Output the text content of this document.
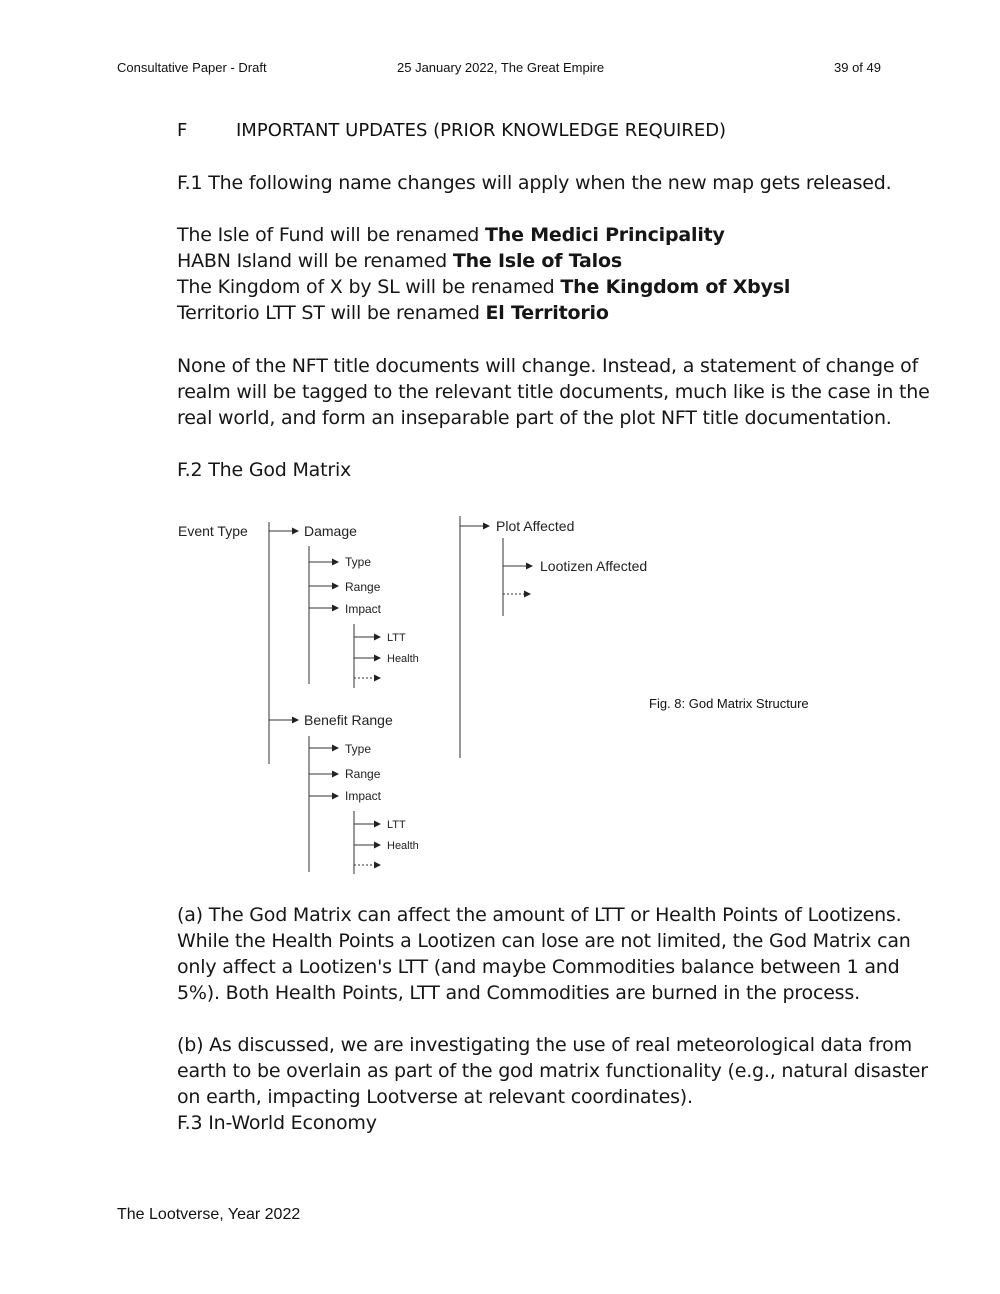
Consultative Paper - Draft	25 January 2022, The Great Empire	39 of 49
F	IMPORTANT UPDATES (PRIOR KNOWLEDGE REQUIRED)
F.1 The following name changes will apply when the new map gets released.
The Isle of Fund will be renamed The Medici Principality
HABN Island will be renamed The Isle of Talos
The Kingdom of X by SL will be renamed The Kingdom of Xbysl
Territorio LTT ST will be renamed El Territorio
None of the NFT title documents will change. Instead, a statement of change of
realm will be tagged to the relevant title documents, much like is the case in the
real world, and form an inseparable part of the plot NFT title documentation.
F.2 The God Matrix
Event Type	Damage
Type
Range
Impact
LTT
Health
Benefit Range
Type
Range
Impact
LTT
Health
Plot Affected
Lootizen Affected
Fig. 8: God Matrix Structure
(a) The God Matrix can affect the amount of LTT or Health Points of Lootizens.
While the Health Points a Lootizen can lose are not limited, the God Matrix can
only affect a Lootizen's LTT (and maybe Commodities balance between 1 and
5%). Both Health Points, LTT and Commodities are burned in the process.
(b) As discussed, we are investigating the use of real meteorological data from
earth to be overlain as part of the god matrix functionality (e.g., natural disaster
on earth, impacting Lootverse at relevant coordinates).
F.3 In-World Economy
The Lootverse, Year 2022
